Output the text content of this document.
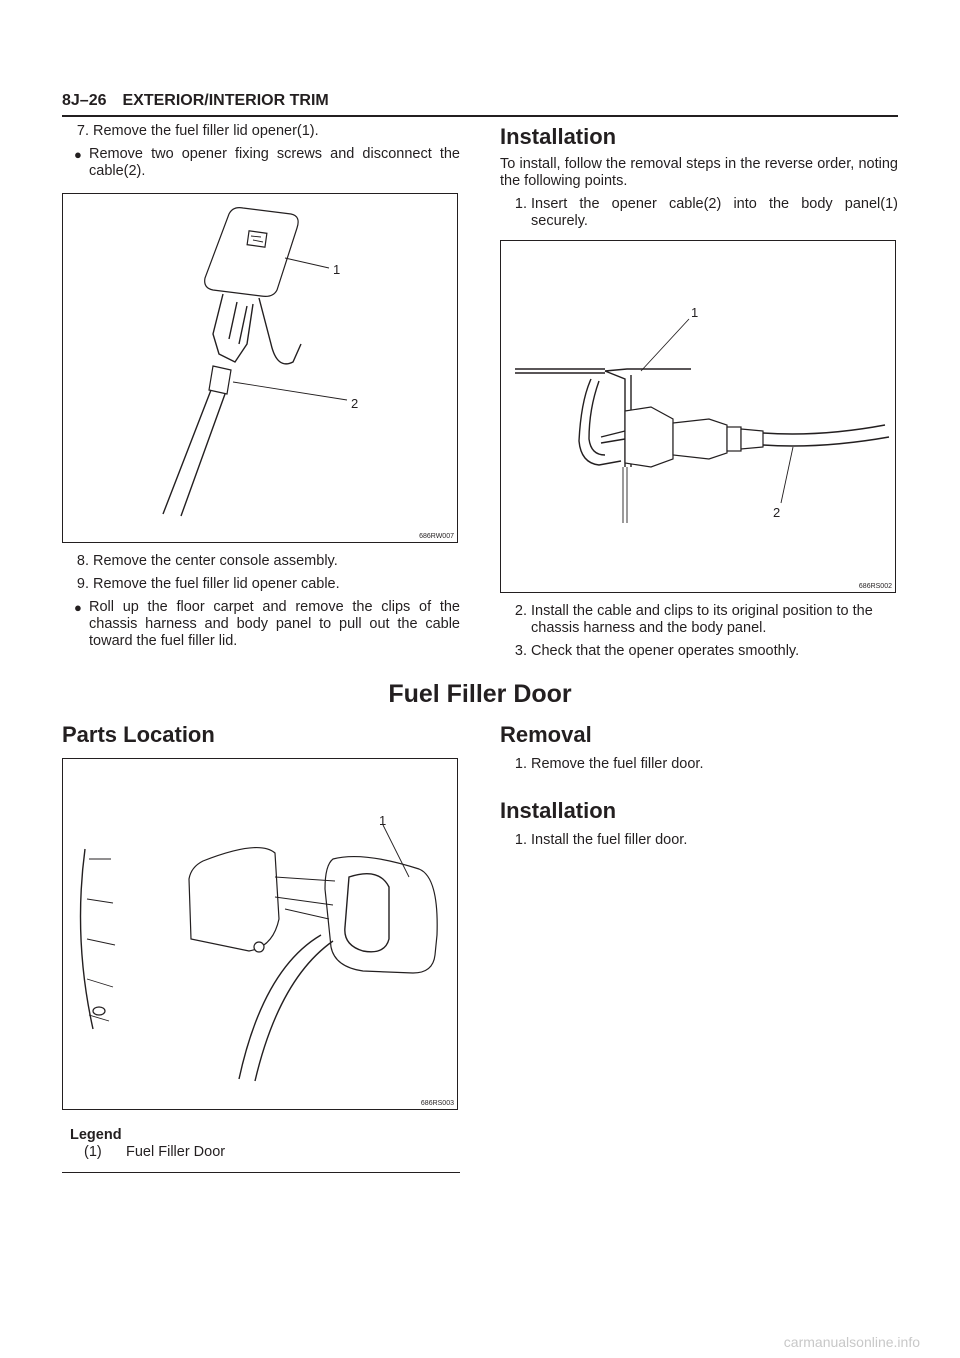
8J–26 EXTERIOR/INTERIOR TRIM
7. Remove the fuel filler lid opener(1).
● Remove two opener fixing screws and disconnect the cable(2).
1
2
686RW007
8. Remove the center console assembly.
9. Remove the fuel filler lid opener cable.
● Roll up the floor carpet and remove the clips of the chassis harness and body panel to pull out the cable toward the fuel filler lid.
Installation
To install, follow the removal steps in the reverse order, noting the following points.
1. Insert the opener cable(2) into the body panel(1) securely.
1
2
686RS002
2. Install the cable and clips to its original position to the chassis harness and the body panel.
3. Check that the opener operates smoothly.
Fuel Filler Door
Parts Location
1
686RS003
Legend
(1)	Fuel Filler Door
Removal
1. Remove the fuel filler door.
Installation
1. Install the fuel filler door.
carmanualsonline.info
